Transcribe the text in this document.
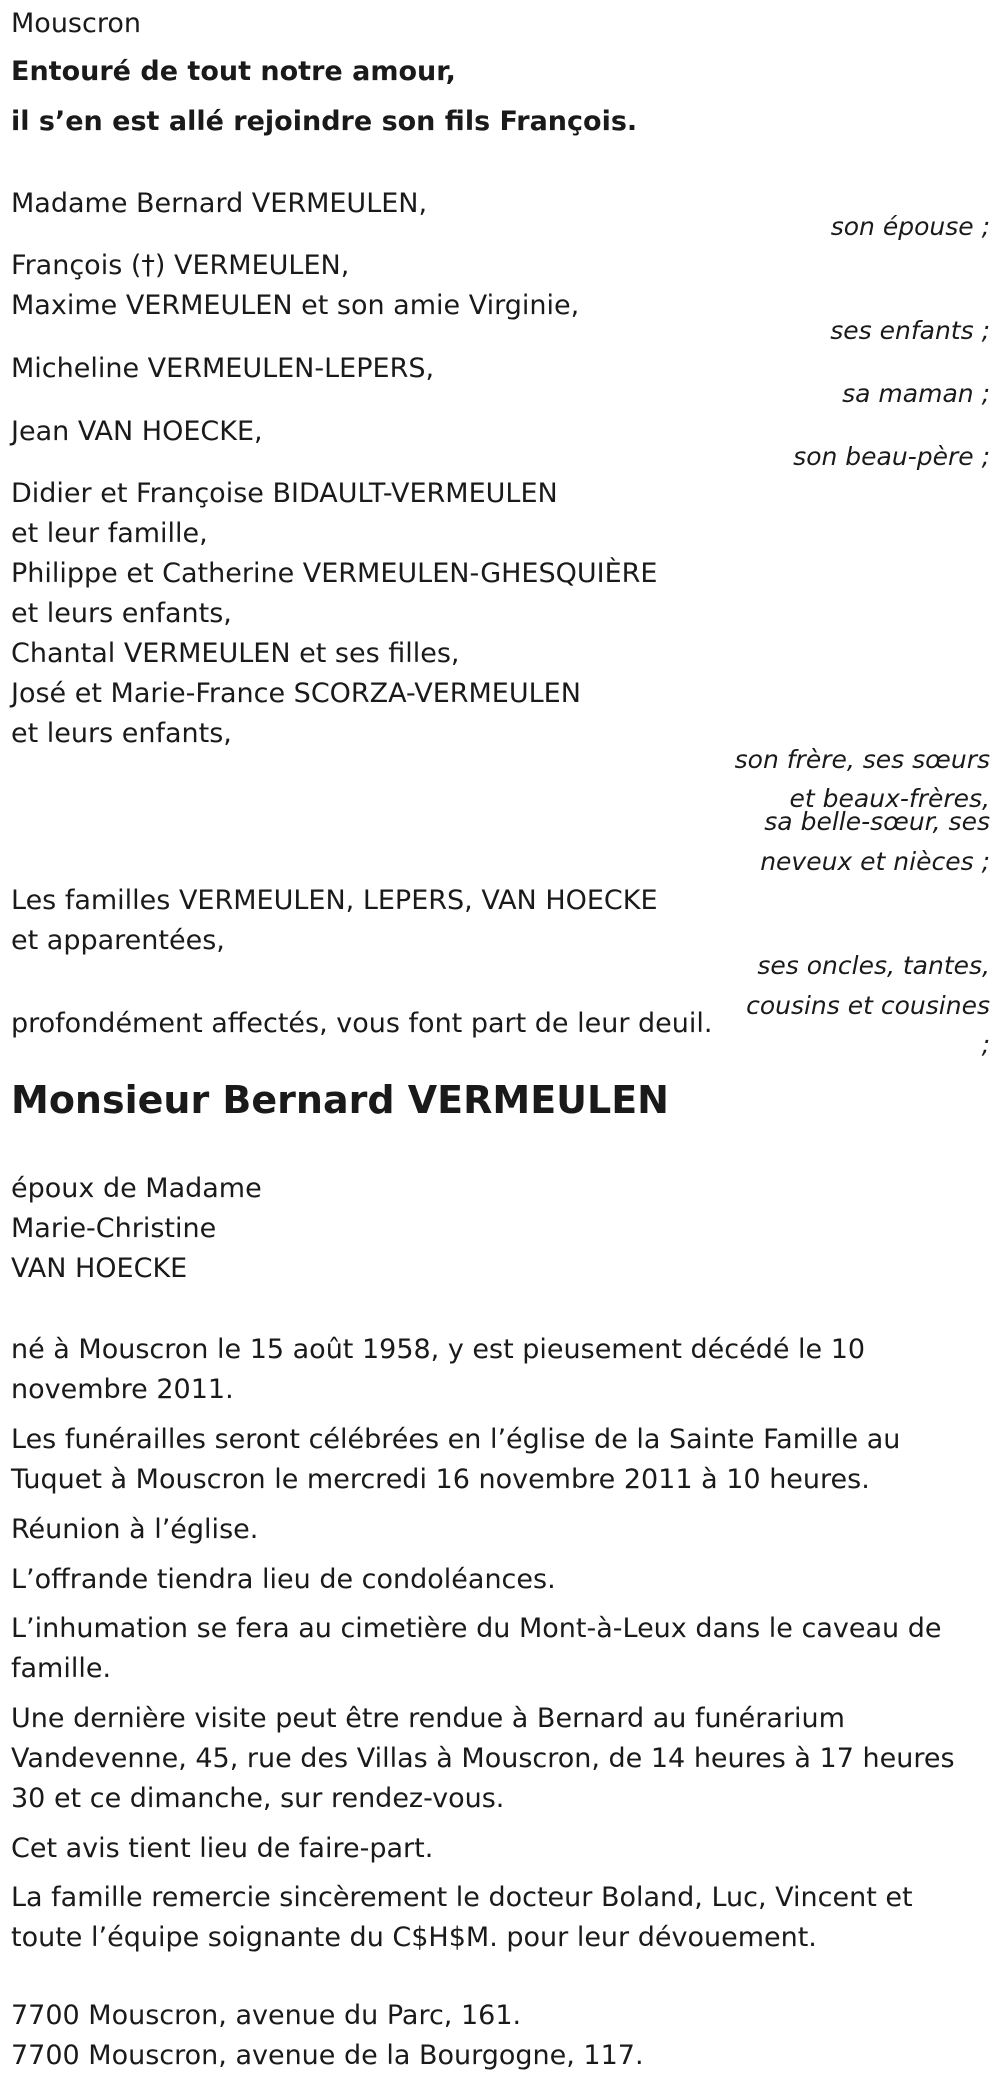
Mouscron
Entouré de tout notre amour,
il s’en est allé rejoindre son fils François.
Madame Bernard VERMEULEN,
son épouse ;
François (†) VERMEULEN,
Maxime VERMEULEN et son amie Virginie,
ses enfants ;
Micheline VERMEULEN-LEPERS,
sa maman ;
Jean VAN HOECKE,
son beau-père ;
Didier et Françoise BIDAULT-VERMEULEN
et leur famille,
Philippe et Catherine VERMEULEN-GHESQUIÈRE
et leurs enfants,
Chantal VERMEULEN et ses filles,
José et Marie-France SCORZA-VERMEULEN
et leurs enfants,
son frère, ses sœurs
et beaux-frères,
sa belle-sœur, ses
neveux et nièces ;
Les familles VERMEULEN, LEPERS, VAN HOECKE
et apparentées,
ses oncles, tantes,
cousins et cousines
;
profondément affectés, vous font part de leur deuil.
Monsieur Bernard VERMEULEN
époux de Madame
Marie-Christine
VAN HOECKE
né à Mouscron le 15 août 1958, y est pieusement décédé le 10 novembre 2011.
Les funérailles seront célébrées en l’église de la Sainte Famille au Tuquet à Mouscron le mercredi 16 novembre 2011 à 10 heures.
Réunion à l’église.
L’offrande tiendra lieu de condoléances.
L’inhumation se fera au cimetière du Mont-à-Leux dans le caveau de famille.
Une dernière visite peut être rendue à Bernard au funérarium Vandevenne, 45, rue des Villas à Mouscron, de 14 heures à 17 heures 30 et ce dimanche, sur rendez-vous.
Cet avis tient lieu de faire-part.
La famille remercie sincèrement le docteur Boland, Luc, Vincent et toute l’équipe soignante du C$H$M. pour leur dévouement.
7700 Mouscron, avenue du Parc, 161.
7700 Mouscron, avenue de la Bourgogne, 117.
